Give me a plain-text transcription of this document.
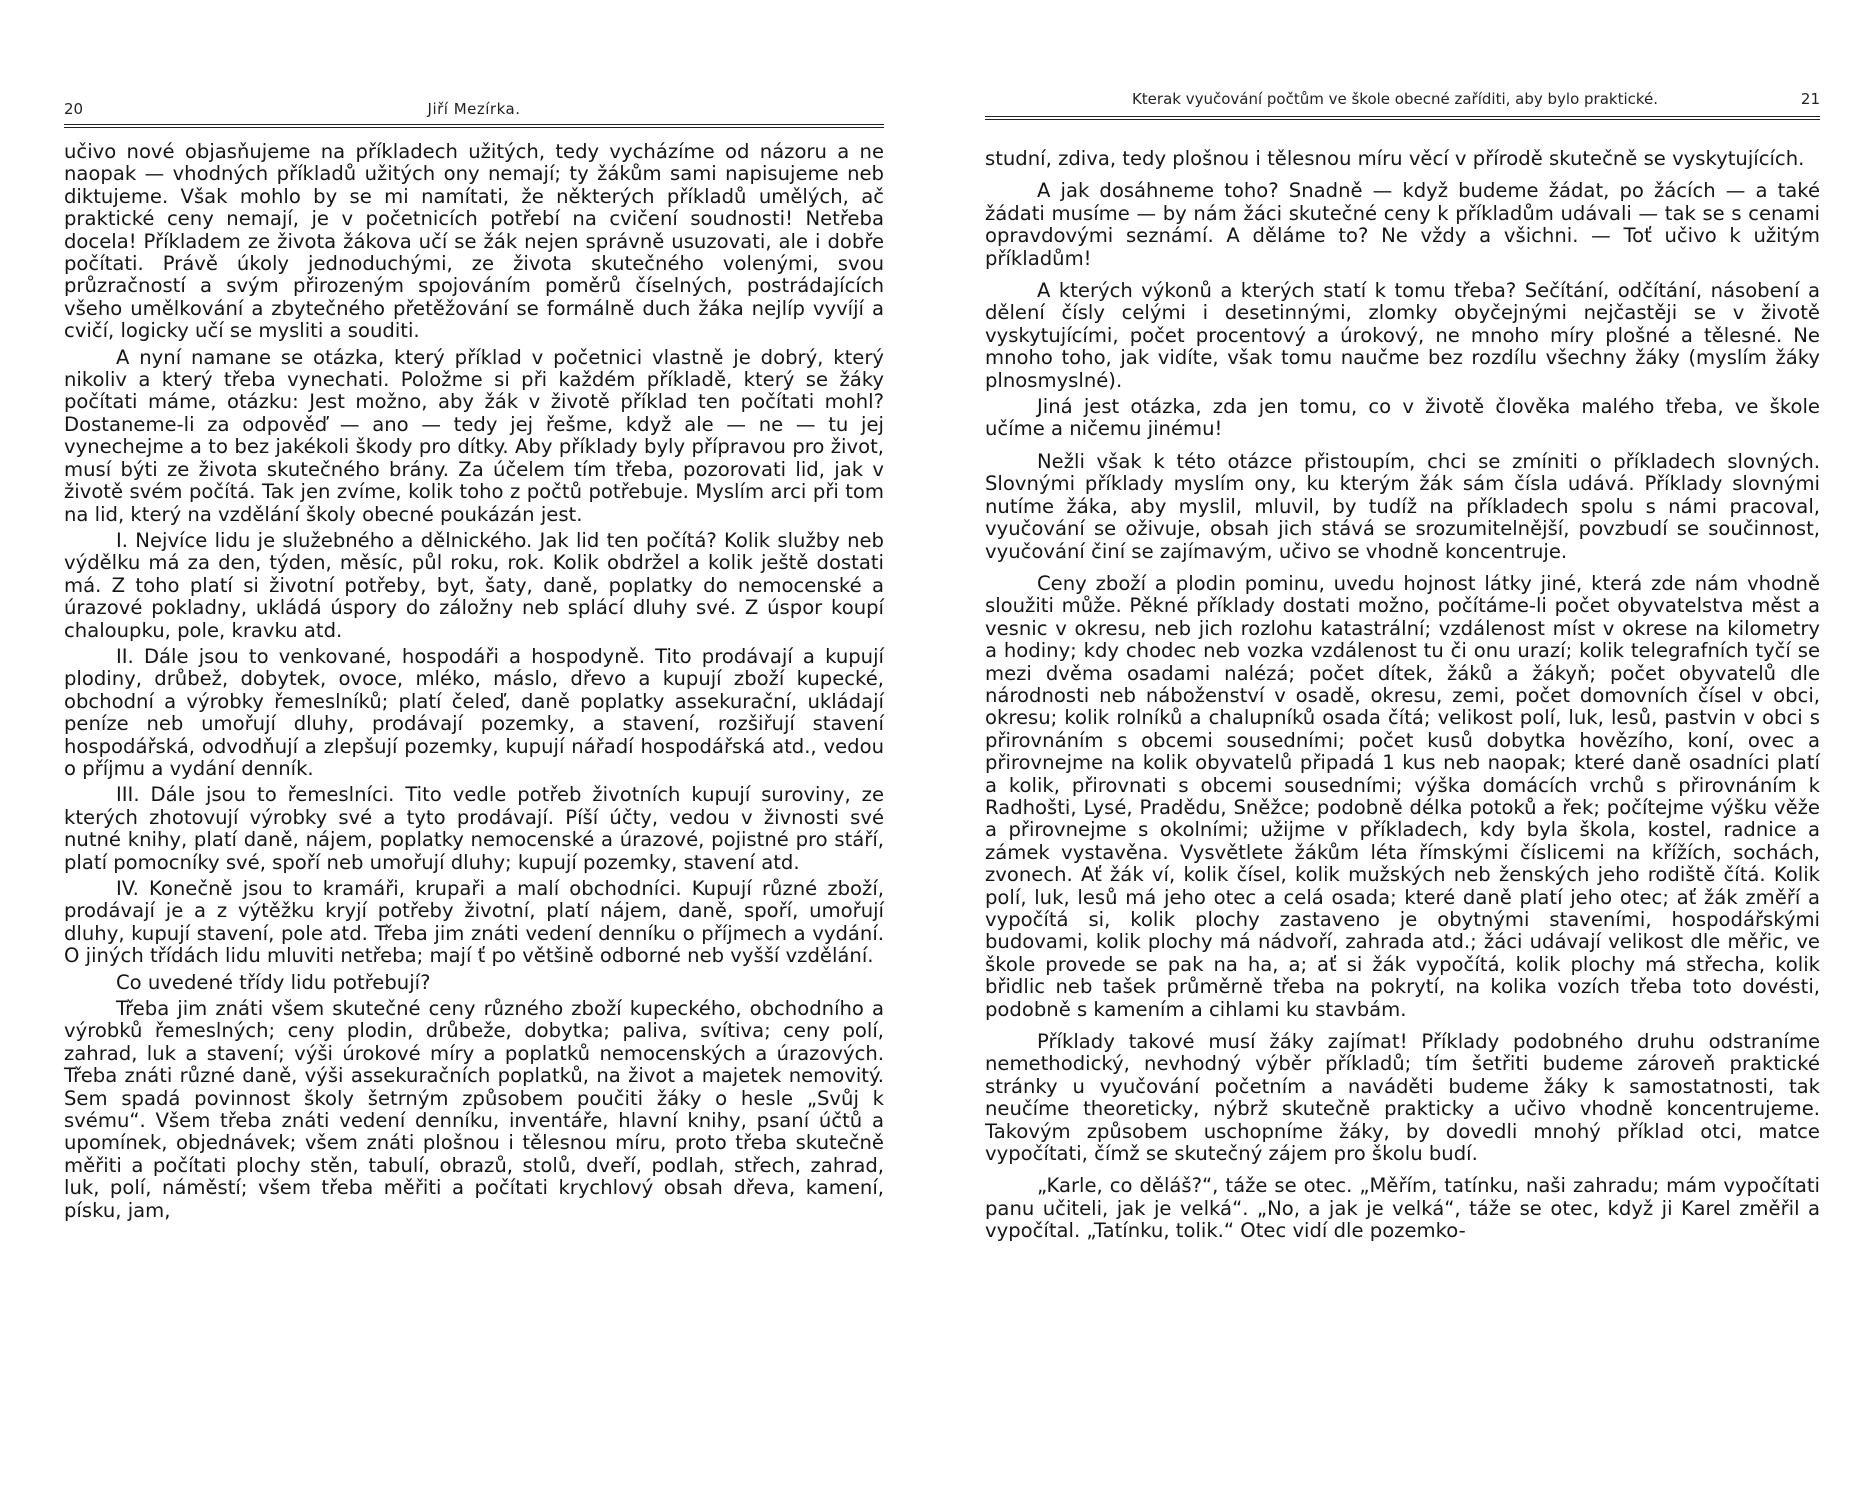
20	Jiří Mezírka.

učivo nové objasňujeme na příkladech užitých, tedy vycházíme od názoru a ne naopak — vhodných příkladů užitých ony nemají; ty žákům sami napisujeme neb diktujeme. Však mohlo by se mi namítati, že některých příkladů umělých, ač praktické ceny nemají, je v početnicích potřebí na cvičení soudnosti! Netřeba docela! Příkladem ze života žákova učí se žák nejen správně usuzovati, ale i dobře počítati. Právě úkoly jednoduchými, ze života skutečného volenými, svou průzračností a svým přirozeným spojováním poměrů číselných, postrádajících všeho umělkování a zbytečného přetěžování se formálně duch žáka nejlíp vyvíjí a cvičí, logicky učí se mysliti a souditi.

A nyní namane se otázka, který příklad v početnici vlastně je dobrý, který nikoliv a který třeba vynechati. Položme si při každém příkladě, který se žáky počítati máme, otázku: Jest možno, aby žák v životě příklad ten počítati mohl? Dostaneme-li za odpověď — ano — tedy jej řešme, když ale — ne — tu jej vynechejme a to bez jakékoli škody pro dítky. Aby příklady byly přípravou pro život, musí býti ze života skutečného brány. Za účelem tím třeba, pozorovati lid, jak v životě svém počítá. Tak jen zvíme, kolik toho z počtů potřebuje. Myslím arci při tom na lid, který na vzdělání školy obecné poukázán jest.

I. Nejvíce lidu je služebného a dělnického. Jak lid ten počítá? Kolik služby neb výdělku má za den, týden, měsíc, půl roku, rok. Kolik obdržel a kolik ještě dostati má. Z toho platí si životní potřeby, byt, šaty, daně, poplatky do nemocenské a úrazové pokladny, ukládá úspory do záložny neb splácí dluhy své. Z úspor koupí chaloupku, pole, kravku atd.

II. Dále jsou to venkované, hospodáři a hospodyně. Tito prodávají a kupují plodiny, drůbež, dobytek, ovoce, mléko, máslo, dřevo a kupují zboží kupecké, obchodní a výrobky řemeslníků; platí čeleď, daně poplatky assekurační, ukládají peníze neb umořují dluhy, prodávají pozemky, a stavení, rozšiřují stavení hospodářská, odvodňují a zlepšují pozemky, kupují nářadí hospodářská atd., vedou o příjmu a vydání denník.

III. Dále jsou to řemeslníci. Tito vedle potřeb životních kupují suroviny, ze kterých zhotovují výrobky své a tyto prodávají. Píší účty, vedou v živnosti své nutné knihy, platí daně, nájem, poplatky nemocenské a úrazové, pojistné pro stáří, platí pomocníky své, spoří neb umořují dluhy; kupují pozemky, stavení atd.

IV. Konečně jsou to kramáři, krupaři a malí obchodníci. Kupují různé zboží, prodávají je a z výtěžku kryjí potřeby životní, platí nájem, daně, spoří, umořují dluhy, kupují stavení, pole atd. Třeba jim znáti vedení denníku o příjmech a vydání. O jiných třídách lidu mluviti netřeba; mají ť po většině odborné neb vyšší vzdělání.

Co uvedené třídy lidu potřebují?

Třeba jim znáti všem skutečné ceny různého zboží kupeckého, obchodního a výrobků řemeslných; ceny plodin, drůbeže, dobytka; paliva, svítiva; ceny polí, zahrad, luk a stavení; výši úrokové míry a poplatků nemocenských a úrazových. Třeba znáti různé daně, výši assekuračních poplatků, na život a majetek nemovitý. Sem spadá povinnost školy šetrným způsobem poučiti žáky o hesle „Svůj k svému“. Všem třeba znáti vedení denníku, inventáře, hlavní knihy, psaní účtů a upomínek, objednávek; všem znáti plošnou i tělesnou míru, proto třeba skutečně měřiti a počítati plochy stěn, tabulí, obrazů, stolů, dveří, podlah, střech, zahrad, luk, polí, náměstí; všem třeba měřiti a počítati krychlový obsah dřeva, kamení, písku, jam,

Kterak vyučování počtům ve škole obecné zaříditi, aby bylo praktické.	21

studní, zdiva, tedy plošnou i tělesnou míru věcí v přírodě skutečně se vyskytujících.

A jak dosáhneme toho? Snadně — když budeme žádat, po žácích — a také žádati musíme — by nám žáci skutečné ceny k příkladům udávali — tak se s cenami opravdovými seznámí. A děláme to? Ne vždy a všichni. — Toť učivo k užitým příkladům!

A kterých výkonů a kterých statí k tomu třeba? Sečítání, odčítání, násobení a dělení čísly celými i desetinnými, zlomky obyčejnými nejčastěji se v životě vyskytujícími, počet procentový a úrokový, ne mnoho míry plošné a tělesné. Ne mnoho toho, jak vidíte, však tomu naučme bez rozdílu všechny žáky (myslím žáky plnosmyslné).

Jiná jest otázka, zda jen tomu, co v životě člověka malého třeba, ve škole učíme a ničemu jinému!

Nežli však k této otázce přistoupím, chci se zmíniti o příkladech slovných. Slovnými příklady myslím ony, ku kterým žák sám čísla udává. Příklady slovnými nutíme žáka, aby myslil, mluvil, by tudíž na příkladech spolu s námi pracoval, vyučování se oživuje, obsah jich stává se srozumitelnější, povzbudí se součinnost, vyučování činí se zajímavým, učivo se vhodně koncentruje.

Ceny zboží a plodin pominu, uvedu hojnost látky jiné, která zde nám vhodně sloužiti může. Pěkné příklady dostati možno, počítáme-li počet obyvatelstva měst a vesnic v okresu, neb jich rozlohu katastrální; vzdálenost míst v okrese na kilometry a hodiny; kdy chodec neb vozka vzdálenost tu či onu urazí; kolik telegrafních tyčí se mezi dvěma osadami nalézá; počet dítek, žáků a žákyň; počet obyvatelů dle národnosti neb náboženství v osadě, okresu, zemi, počet domovních čísel v obci, okresu; kolik rolníků a chalupníků osada čítá; velikost polí, luk, lesů, pastvin v obci s přirovnáním s obcemi sousedními; počet kusů dobytka hovězího, koní, ovec a přirovnejme na kolik obyvatelů připadá 1 kus neb naopak; které daně osadníci platí a kolik, přirovnati s obcemi sousedními; výška domácích vrchů s přirovnáním k Radhošti, Lysé, Pradědu, Sněžce; podobně délka potoků a řek; počítejme výšku věže a přirovnejme s okolními; užijme v příkladech, kdy byla škola, kostel, radnice a zámek vystavěna. Vysvětlete žákům léta římskými číslicemi na křížích, sochách, zvonech. Ať žák ví, kolik čísel, kolik mužských neb ženských jeho rodiště čítá. Kolik polí, luk, lesů má jeho otec a celá osada; které daně platí jeho otec; ať žák změří a vypočítá si, kolik plochy zastaveno je obytnými staveními, hospodářskými budovami, kolik plochy má nádvoří, zahrada atd.; žáci udávají velikost dle měřic, ve škole provede se pak na ha, a; ať si žák vypočítá, kolik plochy má střecha, kolik břidlic neb tašek průměrně třeba na pokrytí, na kolika vozích třeba toto dovésti, podobně s kamením a cihlami ku stavbám.

Příklady takové musí žáky zajímat! Příklady podobného druhu odstraníme nemethodický, nevhodný výběr příkladů; tím šetřiti budeme zároveň praktické stránky u vyučování početním a naváděti budeme žáky k samostatnosti, tak neučíme theoreticky, nýbrž skutečně prakticky a učivo vhodně koncentrujeme. Takovým způsobem uschopníme žáky, by dovedli mnohý příklad otci, matce vypočítati, čímž se skutečný zájem pro školu budí.

„Karle, co děláš?“, táže se otec. „Měřím, tatínku, naši zahradu; mám vypočítati panu učiteli, jak je velká“. „No, a jak je velká“, táže se otec, když ji Karel změřil a vypočítal. „Tatínku, tolik.“ Otec vidí dle pozemko-
